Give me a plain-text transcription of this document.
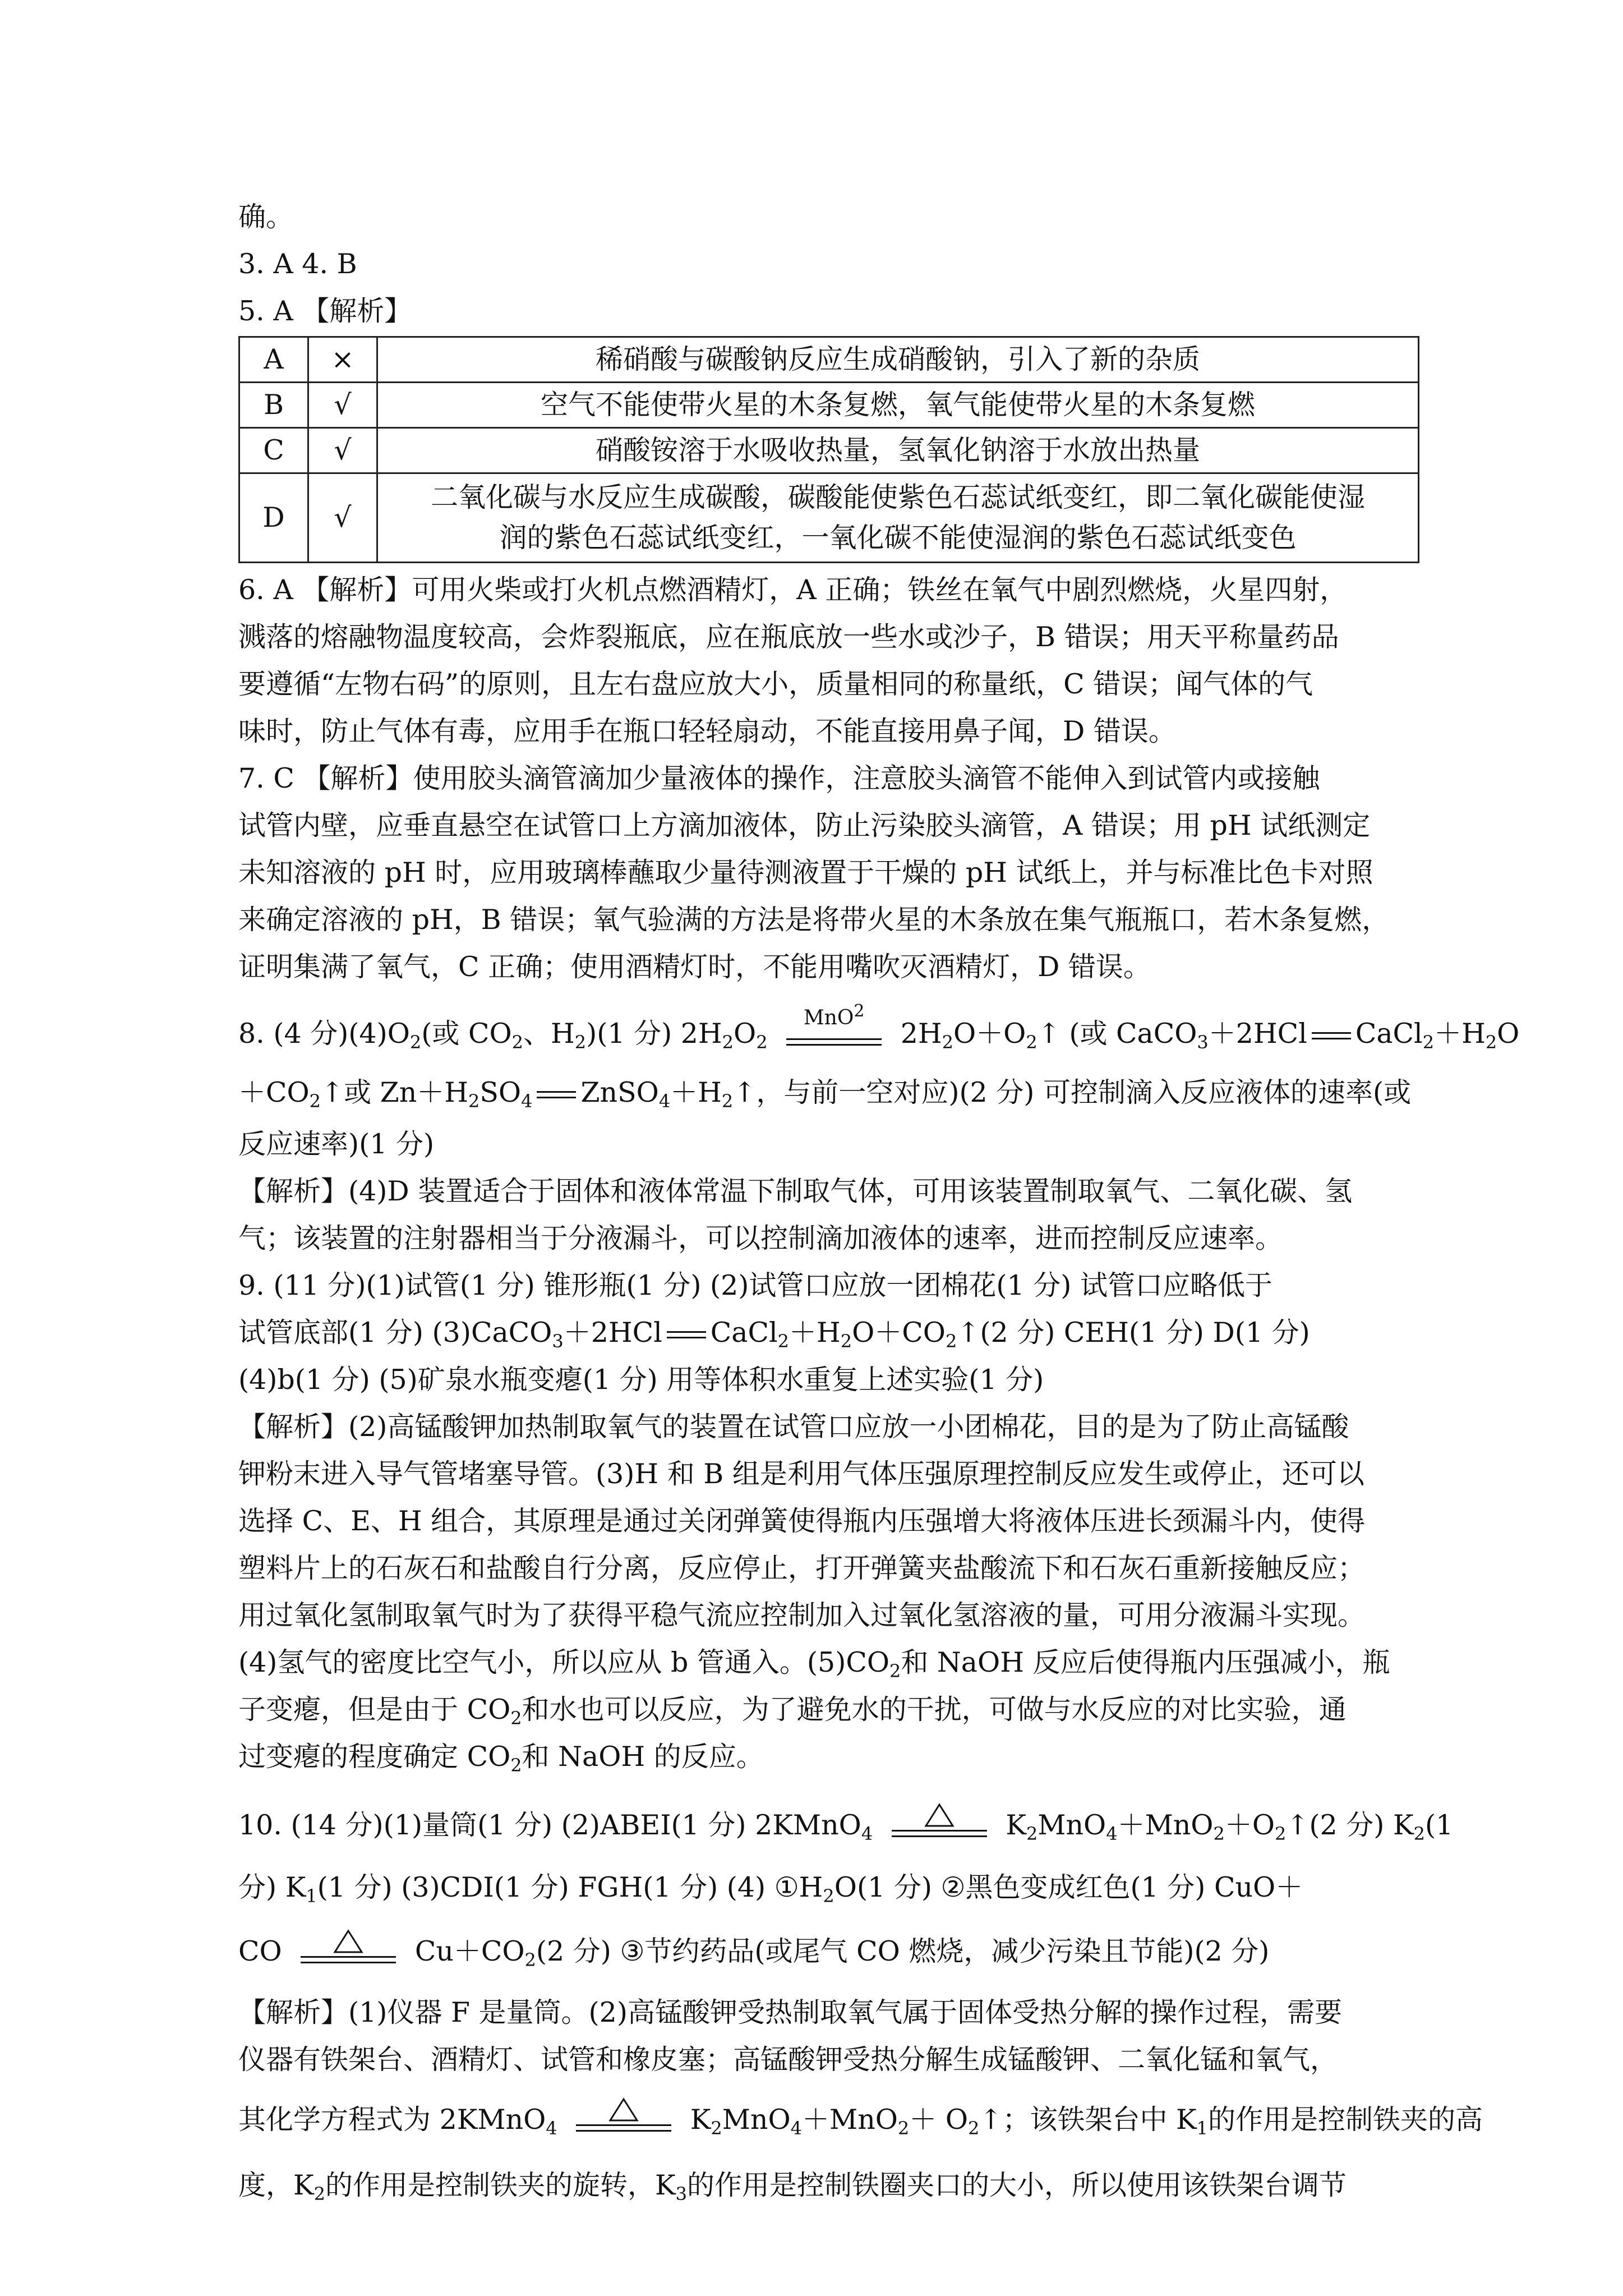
确。

3. A 4. B

5. A 【解析】

A	×	稀硝酸与碳酸钠反应生成硝酸钠，引入了新的杂质
B	√	空气不能使带火星的木条复燃，氧气能使带火星的木条复燃
C	√	硝酸铵溶于水吸收热量，氢氧化钠溶于水放出热量
D	√	二氧化碳与水反应生成碳酸，碳酸能使紫色石蕊试纸变红，即二氧化碳能使湿
润的紫色石蕊试纸变红，一氧化碳不能使湿润的紫色石蕊试纸变色

6. A 【解析】可用火柴或打火机点燃酒精灯，A 正确；铁丝在氧气中剧烈燃烧，火星四射，

溅落的熔融物温度较高，会炸裂瓶底，应在瓶底放一些水或沙子，B 错误；用天平称量药品

要遵循“左物右码”的原则，且左右盘应放大小，质量相同的称量纸，C 错误；闻气体的气

味时，防止气体有毒，应用手在瓶口轻轻扇动，不能直接用鼻子闻，D 错误。

7. C 【解析】使用胶头滴管滴加少量液体的操作，注意胶头滴管不能伸入到试管内或接触

试管内壁，应垂直悬空在试管口上方滴加液体，防止污染胶头滴管，A 错误；用 pH 试纸测定

未知溶液的 pH 时，应用玻璃棒蘸取少量待测液置于干燥的 pH 试纸上，并与标准比色卡对照

来确定溶液的 pH，B 错误；氧气验满的方法是将带火星的木条放在集气瓶瓶口，若木条复燃，

证明集满了氧气，C 正确；使用酒精灯时，不能用嘴吹灭酒精灯，D 错误。

8. (4 分)$(4)O_2$(或 $CO_2$、$H_2)(1$ 分) $2H_2O_2$
MnO$^2$
$2H_2O+O_2↑$ (或 CaCO$_3$＋2HCl $CaCl_2+H_2O$

$+CO_2↑$或 $Zn+H_2SO_4$ $ZnSO_4+H_2↑$，与前一空对应)(2 分) 可控制滴入反应液体的速率(或

反应速率)(1 分)

【解析】(4)D 装置适合于固体和液体常温下制取气体，可用该装置制取氧气、二氧化碳、氢

气；该装置的注射器相当于分液漏斗，可以控制滴加液体的速率，进而控制反应速率。

9. (11 分)(1)试管(1 分) 锥形瓶(1 分) (2)试管口应放一团棉花(1 分) 试管口应略低于

试管底部(1 分) (3)CaCO$_3$＋2HCl $CaCl_2+H_2O+CO_2↑(2$ 分) CEH(1 分) D(1 分)

(4)b(1 分) (5)矿泉水瓶变瘪(1 分) 用等体积水重复上述实验(1 分)

【解析】(2)高锰酸钾加热制取氧气的装置在试管口应放一小团棉花，目的是为了防止高锰酸

钾粉末进入导气管堵塞导管。(3)H 和 B 组是利用气体压强原理控制反应发生或停止，还可以

选择 C、E、H 组合，其原理是通过关闭弹簧使得瓶内压强增大将液体压进长颈漏斗内，使得

塑料片上的石灰石和盐酸自行分离，反应停止，打开弹簧夹盐酸流下和石灰石重新接触反应；

用过氧化氢制取氧气时为了获得平稳气流应控制加入过氧化氢溶液的量，可用分液漏斗实现。

(4)氢气的密度比空气小，所以应从 b 管通入。$(5)CO_2$和 NaOH 反应后使得瓶内压强减小，瓶

子变瘪，但是由于 $CO_2$和水也可以反应，为了避免水的干扰，可做与水反应的对比实验，通

过变瘪的程度确定 $CO_2$和 NaOH 的反应。

10. (14 分)(1)量筒(1 分) (2)ABEI(1 分) 2KMnO$_4$	$K_2MnO_4+MnO_2+O_2↑(2$ 分) $K_2(1$

分) $K_1(1$ 分) (3)CDI(1 分) FGH(1 分) (4) $①H_2O(1$ 分) ②黑色变成红色(1 分) CuO＋

CO	$Cu+CO_2(2$ 分) ③节约药品(或尾气 CO 燃烧，减少污染且节能)(2 分)

【解析】(1)仪器 F 是量筒。(2)高锰酸钾受热制取氧气属于固体受热分解的操作过程，需要

仪器有铁架台、酒精灯、试管和橡皮塞；高锰酸钾受热分解生成锰酸钾、二氧化锰和氧气，

其化学方程式为 2KMnO$_4$	$K_2MnO_4+MnO_2+$ $O_2↑$；该铁架台中 $K_1$的作用是控制铁夹的高

度，$K_2$的作用是控制铁夹的旋转，$K_3$的作用是控制铁圈夹口的大小，所以使用该铁架台调节
